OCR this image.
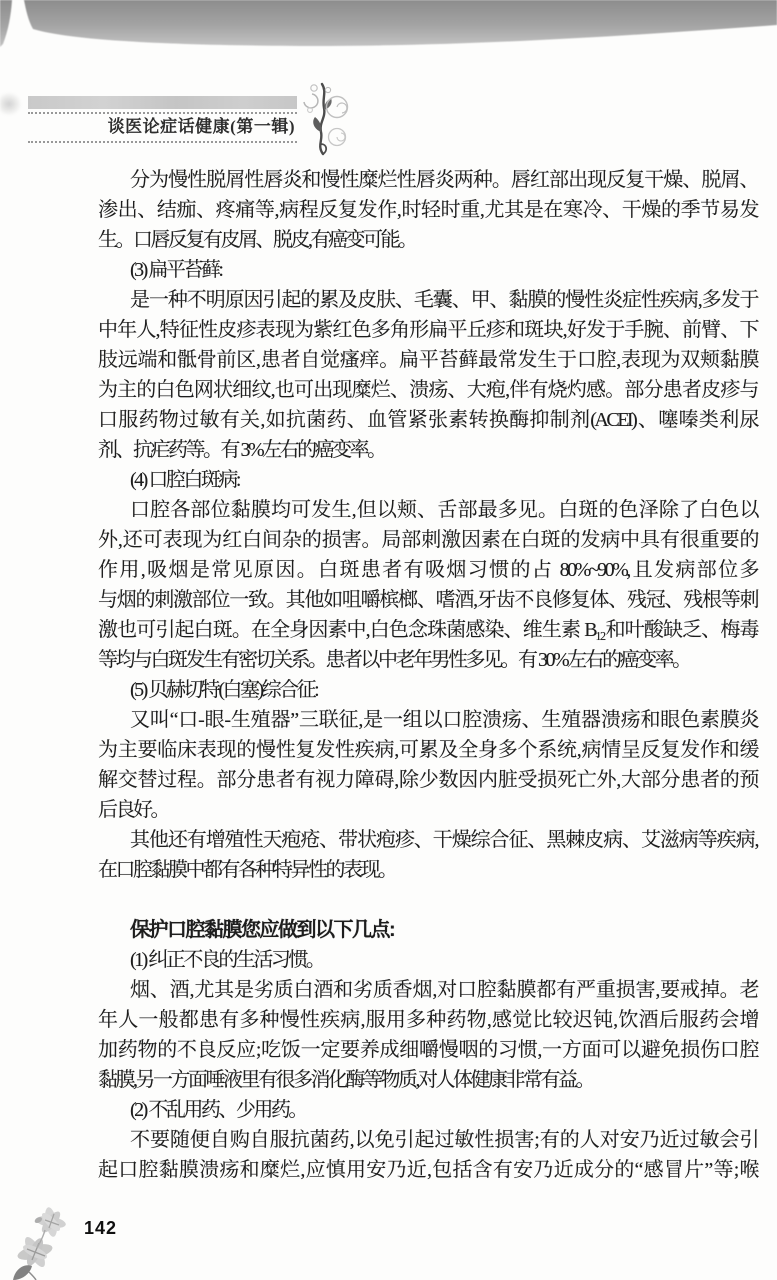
谈医论症话健康(第一辑)
分为慢性脱屑性唇炎和慢性糜烂性唇炎两种。唇红部出现反复干燥、脱屑、
渗出、结痂、疼痛等,病程反复发作,时轻时重,尤其是在寒冷、干燥的季节易发
生。口唇反复有皮屑、脱皮,有癌变可能。
(3) 扁平苔藓:
是一种不明原因引起的累及皮肤、毛囊、甲、黏膜的慢性炎症性疾病,多发于
中年人,特征性皮疹表现为紫红色多角形扁平丘疹和斑块,好发于手腕、前臂、下
肢远端和骶骨前区,患者自觉瘙痒。扁平苔藓最常发生于口腔,表现为双颊黏膜
为主的白色网状细纹,也可出现糜烂、溃疡、大疱,伴有烧灼感。部分患者皮疹与
口服药物过敏有关,如抗菌药、血管紧张素转换酶抑制剂(ACEI)、噻嗪类利尿
剂、抗疟药等。有 3%左右的癌变率。
(4) 口腔白斑病:
口腔各部位黏膜均可发生,但以颊、舌部最多见。白斑的色泽除了白色以
外,还可表现为红白间杂的损害。局部刺激因素在白斑的发病中具有很重要的
作用,吸烟是常见原因。白斑患者有吸烟习惯的占 80%~90%,且发病部位多
与烟的刺激部位一致。其他如咀嚼槟榔、嗜酒,牙齿不良修复体、残冠、残根等刺
激也可引起白斑。在全身因素中,白色念珠菌感染、维生素 B₁₂和叶酸缺乏、梅毒
等均与白斑发生有密切关系。患者以中老年男性多见。有 30%左右的癌变率。
(5) 贝赫切特(白塞)综合征:
又叫“口-眼-生殖器”三联征,是一组以口腔溃疡、生殖器溃疡和眼色素膜炎
为主要临床表现的慢性复发性疾病,可累及全身多个系统,病情呈反复发作和缓
解交替过程。部分患者有视力障碍,除少数因内脏受损死亡外,大部分患者的预
后良好。
其他还有增殖性天疱疮、带状疱疹、干燥综合征、黑棘皮病、艾滋病等疾病,
在口腔黏膜中都有各种特异性的表现。
保护口腔黏膜您应做到以下几点:
(1) 纠正不良的生活习惯。
烟、酒,尤其是劣质白酒和劣质香烟,对口腔黏膜都有严重损害,要戒掉。老
年人一般都患有多种慢性疾病,服用多种药物,感觉比较迟钝,饮酒后服药会增
加药物的不良反应;吃饭一定要养成细嚼慢咽的习惯,一方面可以避免损伤口腔
黏膜,另一方面唾液里有很多消化酶等物质,对人体健康非常有益。
(2) 不乱用药、少用药。
不要随便自购自服抗菌药,以免引起过敏性损害;有的人对安乃近过敏会引
起口腔黏膜溃疡和糜烂,应慎用安乃近,包括含有安乃近成分的“感冒片”等;喉
142
